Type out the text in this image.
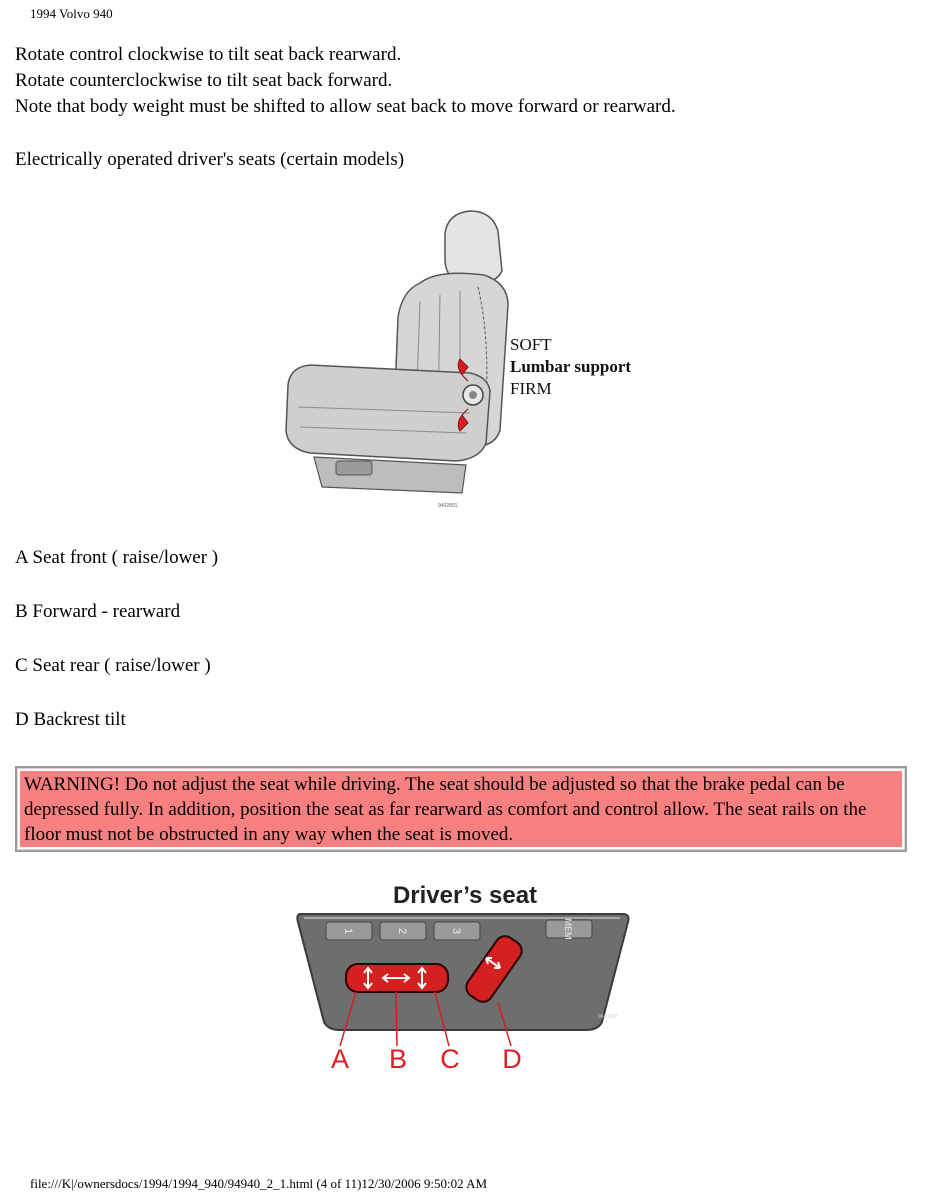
1994 Volvo 940
Rotate control clockwise to tilt seat back rearward.
Rotate counterclockwise to tilt seat back forward.
Note that body weight must be shifted to allow seat back to move forward or rearward.
Electrically operated driver's seats (certain models)
SOFT
Lumbar support
FIRM
9402801
A Seat front ( raise/lower )
B Forward - rearward
C Seat rear ( raise/lower )
D Backrest tilt
WARNING! Do not adjust the seat while driving. The seat should be adjusted so that the brake pedal can be depressed fully. In addition, position the seat as far rearward as comfort and control allow. The seat rails on the floor must not be obstructed in any way when the seat is moved.
Driver’s seat
1	2	3	MEM
9640097
A B C D
file:///K|/ownersdocs/1994/1994_940/94940_2_1.html (4 of 11)12/30/2006 9:50:02 AM
